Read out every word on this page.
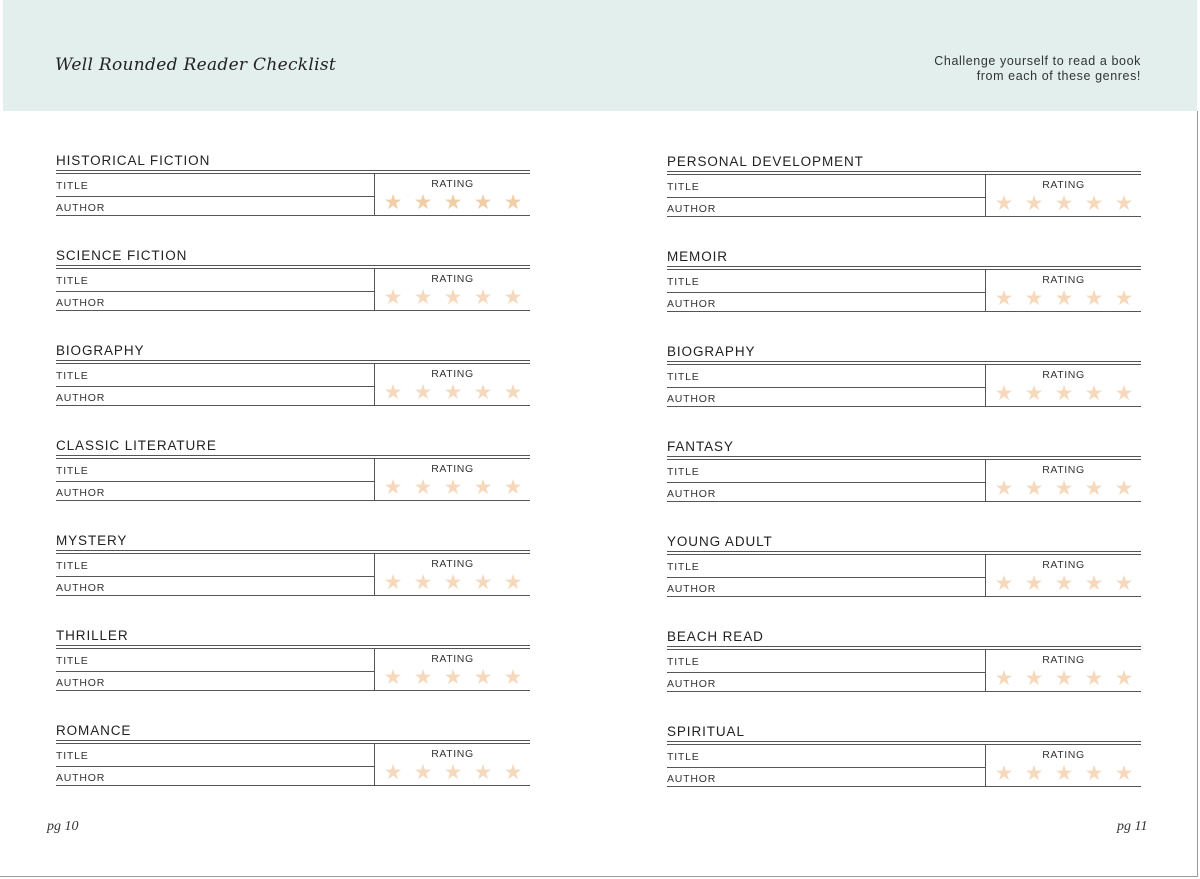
Well Rounded Reader Checklist	Challenge yourself to read a book
from each of these genres!
HISTORICAL FICTION
TITLE
AUTHOR
RATING
★ ★ ★ ★ ★
SCIENCE FICTION
TITLE
AUTHOR
RATING
★ ★ ★ ★ ★
BIOGRAPHY
TITLE
AUTHOR
RATING
★ ★ ★ ★ ★
CLASSIC LITERATURE
TITLE
AUTHOR
RATING
★ ★ ★ ★ ★
MYSTERY
TITLE
AUTHOR
RATING
★ ★ ★ ★ ★
THRILLER
TITLE
AUTHOR
RATING
★ ★ ★ ★ ★
ROMANCE
TITLE
AUTHOR
RATING
★ ★ ★ ★ ★
PERSONAL DEVELOPMENT
TITLE
AUTHOR
RATING
★ ★ ★ ★ ★
MEMOIR
TITLE
AUTHOR
RATING
★ ★ ★ ★ ★
BIOGRAPHY
TITLE
AUTHOR
RATING
★ ★ ★ ★ ★
FANTASY
TITLE
AUTHOR
RATING
★ ★ ★ ★ ★
YOUNG ADULT
TITLE
AUTHOR
RATING
★ ★ ★ ★ ★
BEACH READ
TITLE
AUTHOR
RATING
★ ★ ★ ★ ★
SPIRITUAL
TITLE
AUTHOR
RATING
★ ★ ★ ★ ★
pg 10	pg 11
